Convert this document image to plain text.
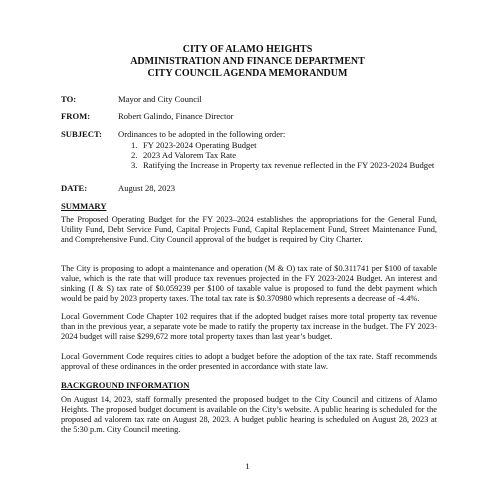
CITY OF ALAMO HEIGHTS
ADMINISTRATION AND FINANCE DEPARTMENT
CITY COUNCIL AGENDA MEMORANDUM
TO:	Mayor and City Council
FROM:	Robert Galindo, Finance Director
SUBJECT: Ordinances to be adopted in the following order:
1. FY 2023-2024 Operating Budget
2. 2023 Ad Valorem Tax Rate
3. Ratifying the Increase in Property tax revenue reflected in the FY 2023-2024 Budget
DATE:	August 28, 2023
SUMMARY
The Proposed Operating Budget for the FY 2023–2024 establishes the appropriations for the General Fund, Utility Fund, Debt Service Fund, Capital Projects Fund, Capital Replacement Fund, Street Maintenance Fund, and Comprehensive Fund. City Council approval of the budget is required by City Charter.
The City is proposing to adopt a maintenance and operation (M & O) tax rate of $0.311741 per $100 of taxable value, which is the rate that will produce tax revenues projected in the FY 2023-2024 Budget. An interest and sinking (I & S) tax rate of $0.059239 per $100 of taxable value is proposed to fund the debt payment which would be paid by 2023 property taxes. The total tax rate is $0.370980 which represents a decrease of -4.4%.
Local Government Code Chapter 102 requires that if the adopted budget raises more total property tax revenue than in the previous year, a separate vote be made to ratify the property tax increase in the budget. The FY 2023-2024 budget will raise $299,672 more total property taxes than last year’s budget.
Local Government Code requires cities to adopt a budget before the adoption of the tax rate. Staff recommends approval of these ordinances in the order presented in accordance with state law.
BACKGROUND INFORMATION
On August 14, 2023, staff formally presented the proposed budget to the City Council and citizens of Alamo Heights. The proposed budget document is available on the City’s website. A public hearing is scheduled for the proposed ad valorem tax rate on August 28, 2023. A budget public hearing is scheduled on August 28, 2023 at the 5:30 p.m. City Council meeting.
1
